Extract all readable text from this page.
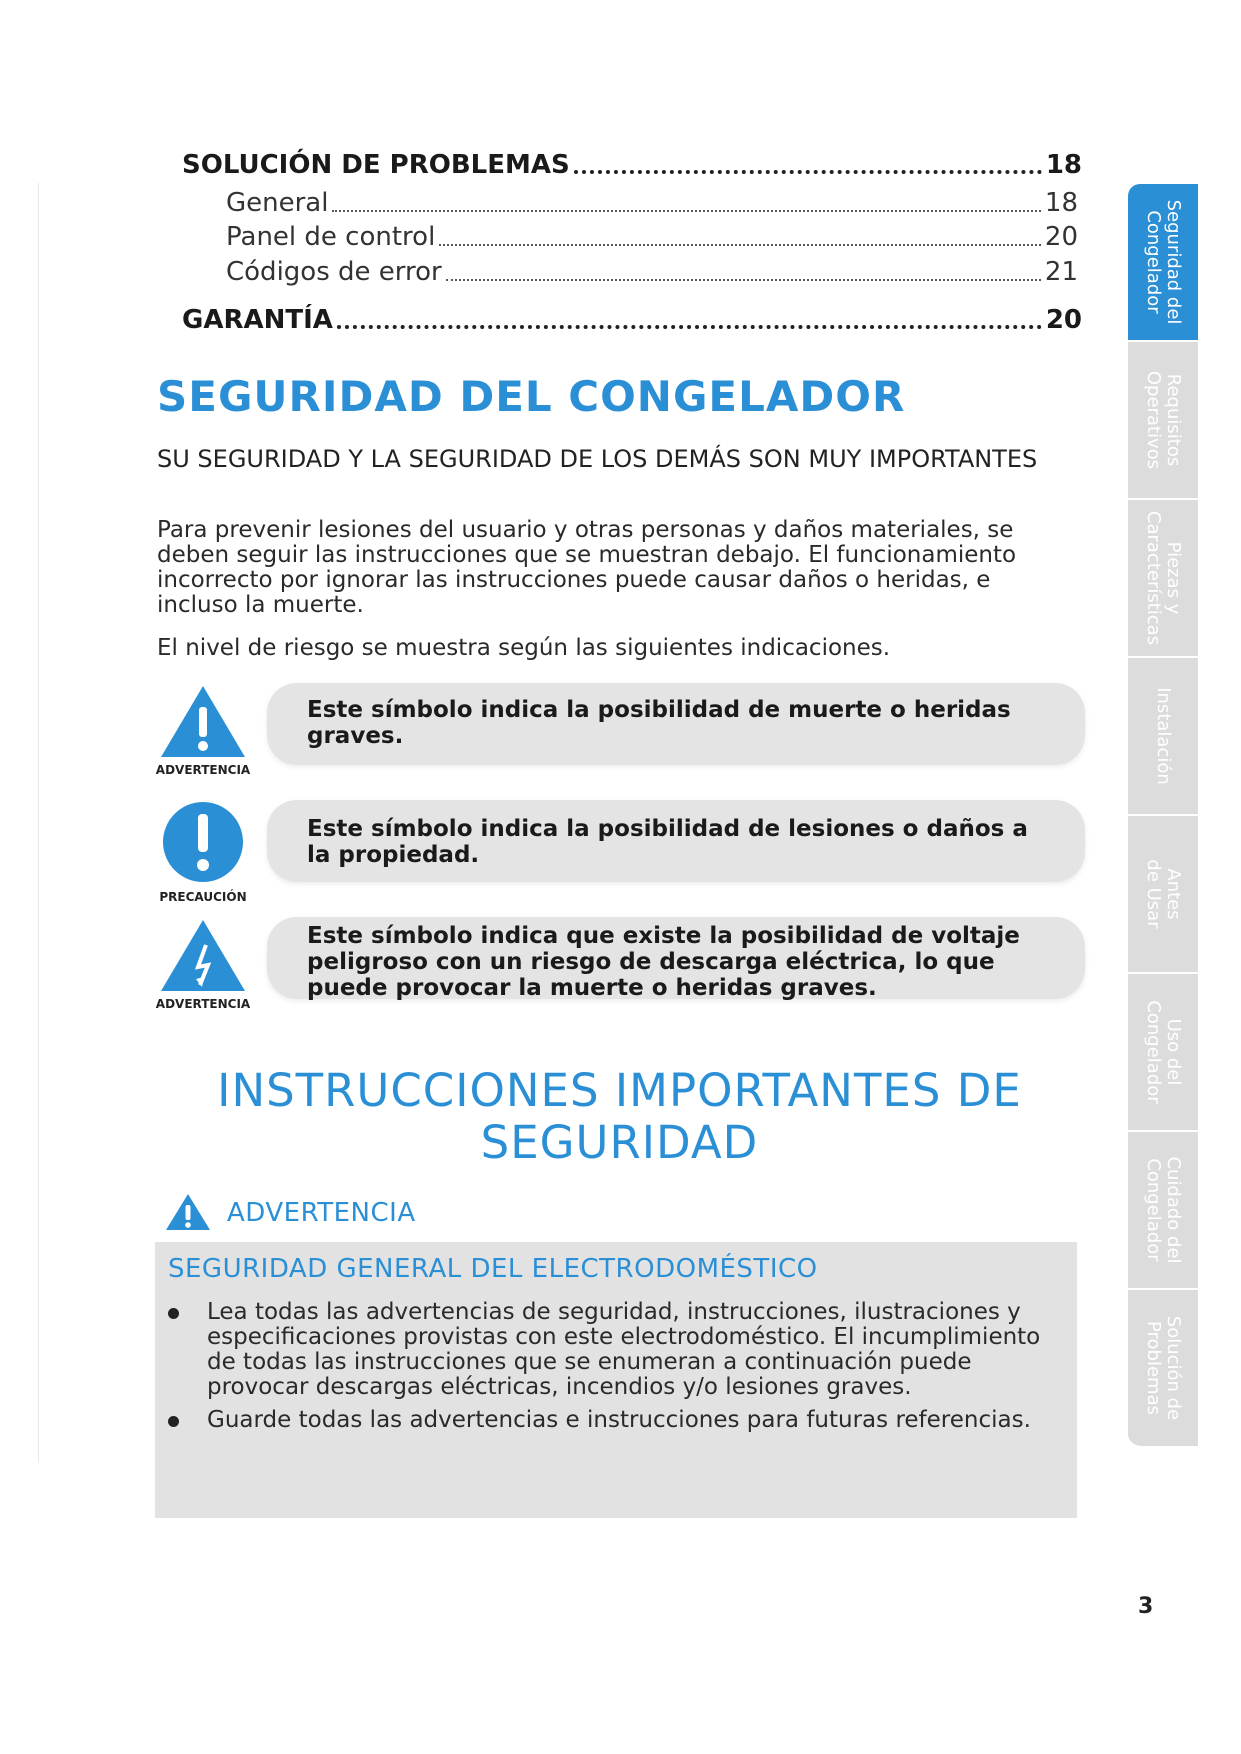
SOLUCIÓN DE PROBLEMAS	18
General	18
Panel de control	20
Códigos de error	21
GARANTÍA	20
SEGURIDAD DEL CONGELADOR
SU SEGURIDAD Y LA SEGURIDAD DE LOS DEMÁS SON MUY IMPORTANTES
Para prevenir lesiones del usuario y otras personas y daños materiales, se deben seguir las instrucciones que se muestran debajo. El funcionamiento incorrecto por ignorar las instrucciones puede causar daños o heridas, e incluso la muerte.
El nivel de riesgo se muestra según las siguientes indicaciones.
ADVERTENCIA
Este símbolo indica la posibilidad de muerte o heridas graves.
PRECAUCIÓN
Este símbolo indica la posibilidad de lesiones o daños a la propiedad.
ADVERTENCIA
Este símbolo indica que existe la posibilidad de voltaje peligroso con un riesgo de descarga eléctrica, lo que puede provocar la muerte o heridas graves.
INSTRUCCIONES IMPORTANTES DE SEGURIDAD
ADVERTENCIA
SEGURIDAD GENERAL DEL ELECTRODOMÉSTICO
Lea todas las advertencias de seguridad, instrucciones, ilustraciones y especificaciones provistas con este electrodoméstico. El incumplimiento de todas las instrucciones que se enumeran a continuación puede provocar descargas eléctricas, incendios y/o lesiones graves.
Guarde todas las advertencias e instrucciones para futuras referencias.
Seguridad del
Congelador
Requisitos
Operativos
Piezas y
Características
Instalación
Antes
de Usar
Uso del
Congelador
Cuidado del
Congelador
Solución de
Problemas
3
